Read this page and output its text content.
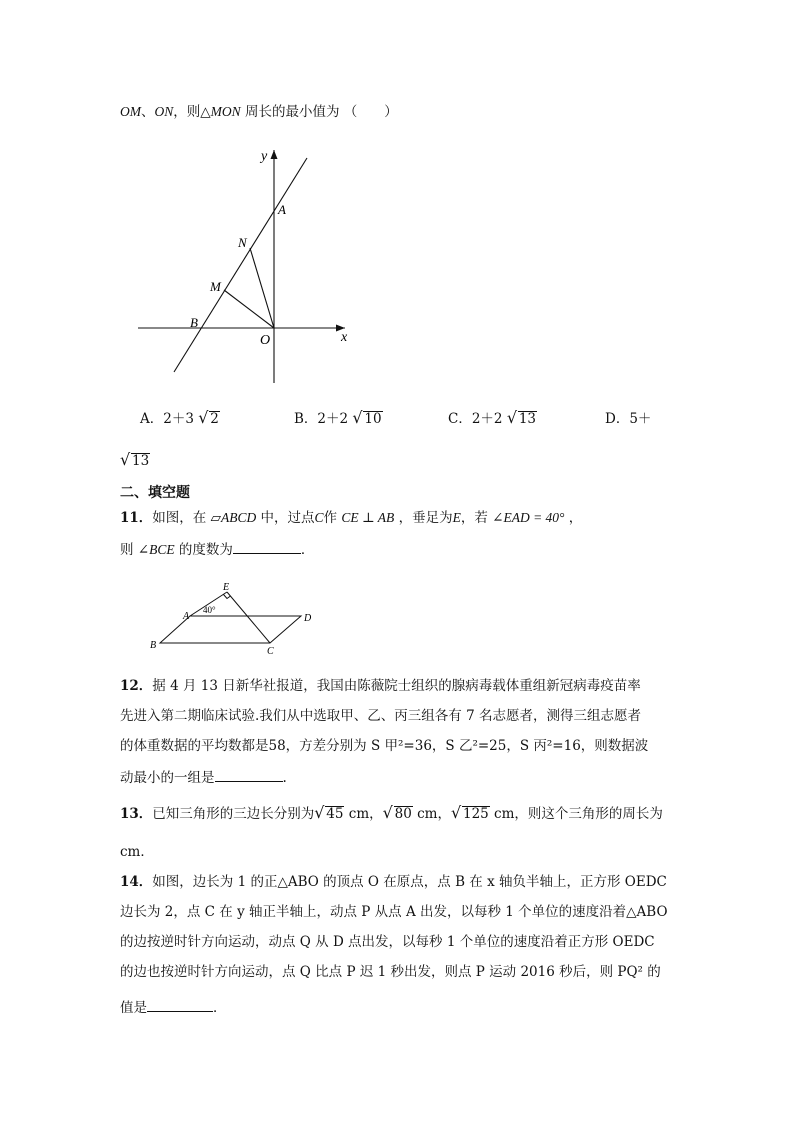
OM、ON，则△MON 周长的最小值为 （　　）
y
x
A
N
M
B
O
A．2＋3 √ 2	B．2＋2 √ 10	C．2＋2 √ 13	D．5＋
√ 13
二、填空题
11．如图，在 ▱ABCD 中，过点C作 CE ⊥ AB ，垂足为E，若 ∠EAD = 40° ，
则 ∠BCE 的度数为	．
E
A
40°
D
B
C
12．据 4 月 13 日新华社报道，我国由陈薇院士组织的腺病毒载体重组新冠病毒疫苗率
先进入第二期临床试验.我们从中选取甲、乙、丙三组各有 7 名志愿者，测得三组志愿者
的体重数据的平均数都是58，方差分别为 S 甲²=36，S 乙²=25，S 丙²=16，则数据波
动最小的一组是	.
13．已知三角形的三边长分别为 √ 45 cm， √ 80 cm， √ 125 cm，则这个三角形的周长为
cm．
14．如图，边长为 1 的正△ABO 的顶点 O 在原点，点 B 在 x 轴负半轴上，正方形 OEDC
边长为 2，点 C 在 y 轴正半轴上，动点 P 从点 A 出发，以每秒 1 个单位的速度沿着△ABO
的边按逆时针方向运动，动点 Q 从 D 点出发，以每秒 1 个单位的速度沿着正方形 OEDC
的边也按逆时针方向运动，点 Q 比点 P 迟 1 秒出发，则点 P 运动 2016 秒后，则 PQ² 的
值是	．
